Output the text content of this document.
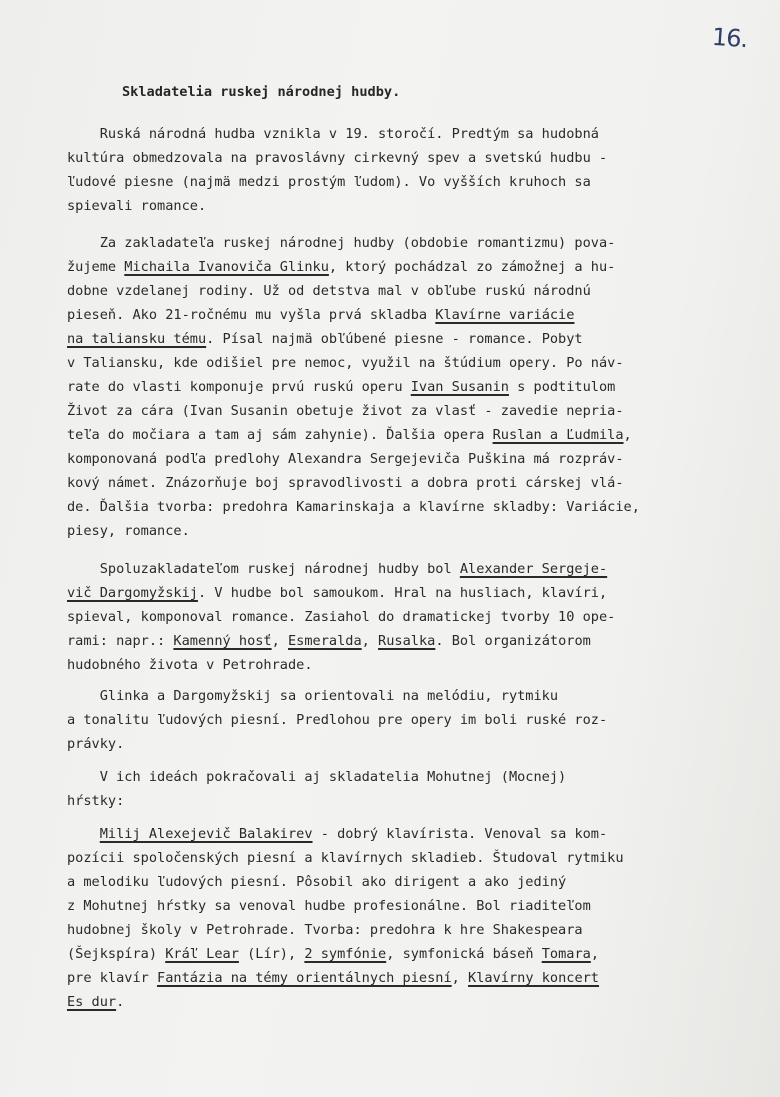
16.
Skladatelia ruskej národnej hudby.
Ruská národná hudba vznikla v 19. storočí. Predtým sa hudobná
kultúra obmedzovala na pravoslávny cirkevný spev a svetskú hudbu -
ľudové piesne (najmä medzi prostým ľudom). Vo vyšších kruhoch sa
spievali romance.
Za zakladateľa ruskej národnej hudby (obdobie romantizmu) pova-
žujeme Michaila Ivanoviča Glinku, ktorý pochádzal zo zámožnej a hu-
dobne vzdelanej rodiny. Už od detstva mal v obľube ruskú národnú
pieseň. Ako 21-ročnému mu vyšla prvá skladba Klavírne variácie
na taliansku tému. Písal najmä obľúbené piesne - romance. Pobyt
v Taliansku, kde odišiel pre nemoc, využil na štúdium opery. Po náv-
rate do vlasti komponuje prvú ruskú operu Ivan Susanin s podtitulom
Život za cára (Ivan Susanin obetuje život za vlasť - zavedie nepria-
teľa do močiara a tam aj sám zahynie). Ďalšia opera Ruslan a Ľudmila,
komponovaná podľa predlohy Alexandra Sergejeviča Puškina má rozpráv-
kový námet. Znázorňuje boj spravodlivosti a dobra proti cárskej vlá-
de. Ďalšia tvorba: predohra Kamarinskaja a klavírne skladby: Variácie,
piesy, romance.
Spoluzakladateľom ruskej národnej hudby bol Alexander Sergeje-
vič Dargomyžskij. V hudbe bol samoukom. Hral na husliach, klavíri,
spieval, komponoval romance. Zasiahol do dramatickej tvorby 10 ope-
rami: napr.: Kamenný hosť, Esmeralda, Rusalka. Bol organizátorom
hudobného života v Petrohrade.
Glinka a Dargomyžskij sa orientovali na melódiu, rytmiku
a tonalitu ľudových piesní. Predlohou pre opery im boli ruské roz-
právky.
V ich ideách pokračovali aj skladatelia Mohutnej (Mocnej)
hŕstky:
Milij Alexejevič Balakirev - dobrý klavírista. Venoval sa kom-
pozícii spoločenských piesní a klavírnych skladieb. Študoval rytmiku
a melodiku ľudových piesní. Pôsobil ako dirigent a ako jediný
z Mohutnej hŕstky sa venoval hudbe profesionálne. Bol riaditeľom
hudobnej školy v Petrohrade. Tvorba: predohra k hre Shakespeara
(Šejkspíra) Kráľ Lear (Lír), 2 symfónie, symfonická báseň Tomara,
pre klavír Fantázia na témy orientálnych piesní, Klavírny koncert
Es dur.
